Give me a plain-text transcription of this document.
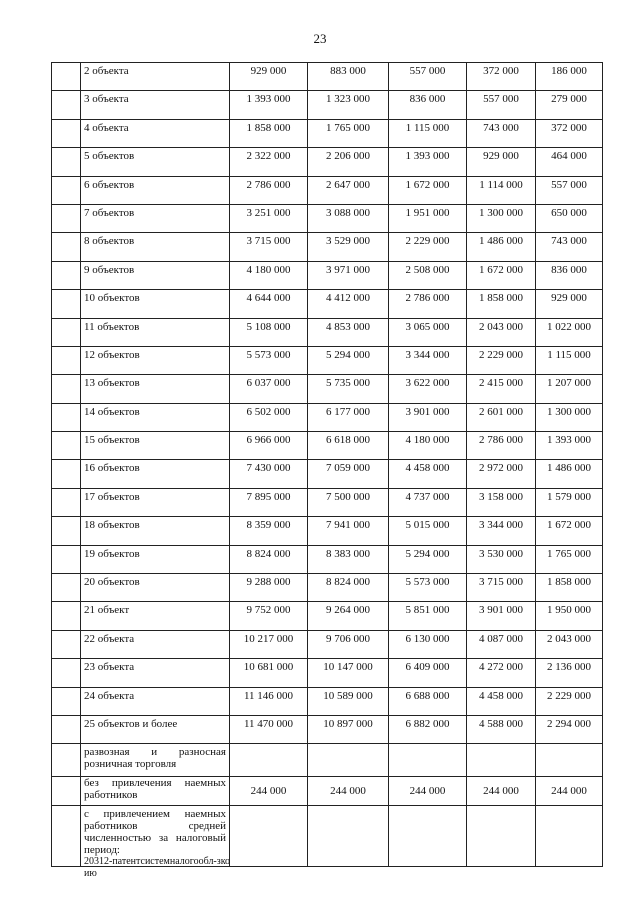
23
	2 объекта	929 000	883 000	557 000	372 000	186 000
	3 объекта	1 393 000	1 323 000	836 000	557 000	279 000
	4 объекта	1 858 000	1 765 000	1 115 000	743 000	372 000
	5 объектов	2 322 000	2 206 000	1 393 000	929 000	464 000
	6 объектов	2 786 000	2 647 000	1 672 000	1 114 000	557 000
	7 объектов	3 251 000	3 088 000	1 951 000	1 300 000	650 000
	8 объектов	3 715 000	3 529 000	2 229 000	1 486 000	743 000
	9 объектов	4 180 000	3 971 000	2 508 000	1 672 000	836 000
	10 объектов	4 644 000	4 412 000	2 786 000	1 858 000	929 000
	11 объектов	5 108 000	4 853 000	3 065 000	2 043 000	1 022 000
	12 объектов	5 573 000	5 294 000	3 344 000	2 229 000	1 115 000
	13 объектов	6 037 000	5 735 000	3 622 000	2 415 000	1 207 000
	14 объектов	6 502 000	6 177 000	3 901 000	2 601 000	1 300 000
	15 объектов	6 966 000	6 618 000	4 180 000	2 786 000	1 393 000
	16 объектов	7 430 000	7 059 000	4 458 000	2 972 000	1 486 000
	17 объектов	7 895 000	7 500 000	4 737 000	3 158 000	1 579 000
	18 объектов	8 359 000	7 941 000	5 015 000	3 344 000	1 672 000
	19 объектов	8 824 000	8 383 000	5 294 000	3 530 000	1 765 000
	20 объектов	9 288 000	8 824 000	5 573 000	3 715 000	1 858 000
	21 объект	9 752 000	9 264 000	5 851 000	3 901 000	1 950 000
	22 объекта	10 217 000	9 706 000	6 130 000	4 087 000	2 043 000
	23 объекта	10 681 000	10 147 000	6 409 000	4 272 000	2 136 000
	24 объекта	11 146 000	10 589 000	6 688 000	4 458 000	2 229 000
	25 объектов и более	11 470 000	10 897 000	6 882 000	4 588 000	2 294 000
	развозная и разносная розничная торговля					
	без привлечения наемных работников	244 000	244 000	244 000	244 000	244 000
	с привлечением наемных работников средней численностью за налоговый период:					
20312-патентсистемналогообл-зко
ию
